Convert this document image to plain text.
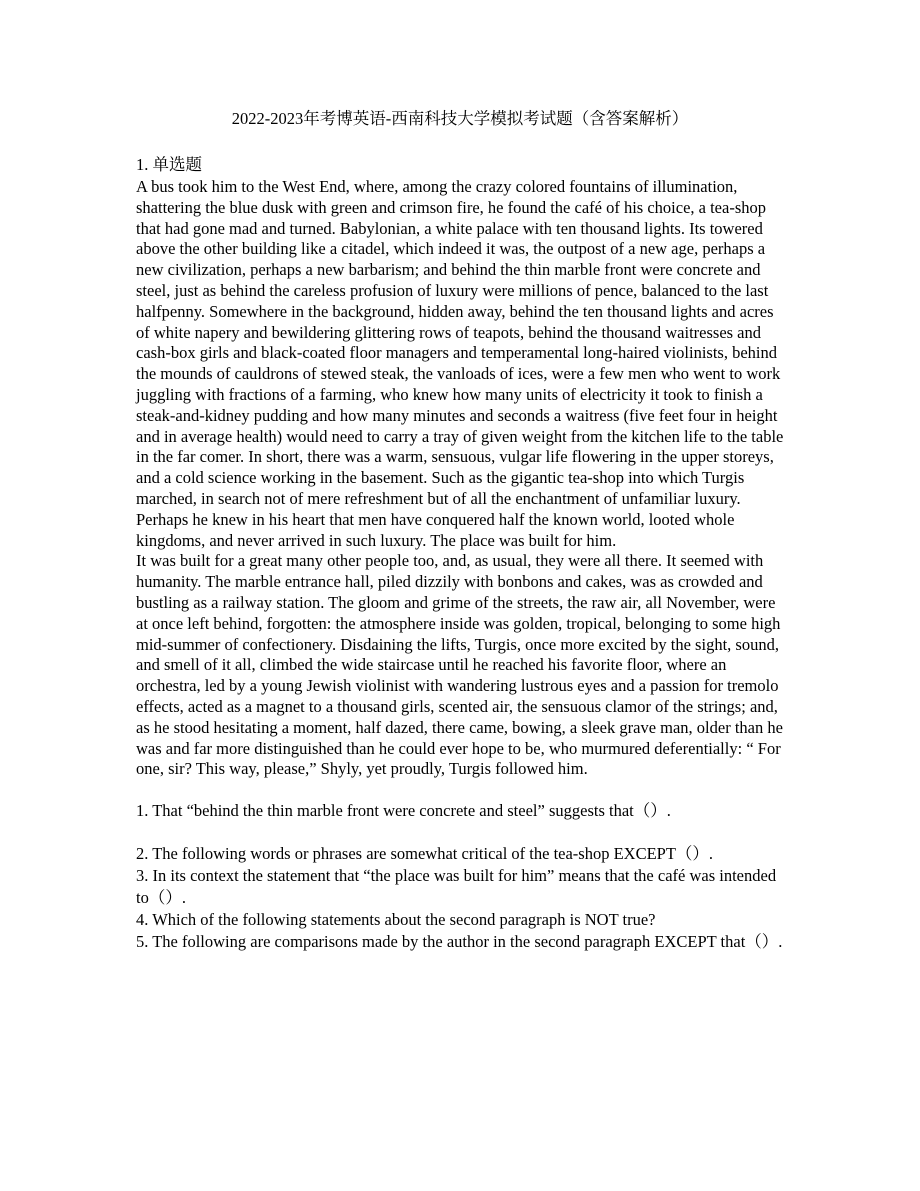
2022-2023年考博英语-西南科技大学模拟考试题（含答案解析）
1. 单选题

A bus took him to the West End, where, among the crazy colored fountains of illumination, shattering the blue dusk with green and crimson fire, he found the café of his choice, a tea-shop that had gone mad and turned. Babylonian, a white palace with ten thousand lights. Its towered above the other building like a citadel, which indeed it was, the outpost of a new age, perhaps a new civilization, perhaps a new barbarism; and behind the thin marble front were concrete and steel, just as behind the careless profusion of luxury were millions of pence, balanced to the last halfpenny. Somewhere in the background, hidden away, behind the ten thousand lights and acres of white napery and bewildering glittering rows of teapots, behind the thousand waitresses and cash-box girls and black-coated floor managers and temperamental long-haired violinists, behind the mounds of cauldrons of stewed steak, the vanloads of ices, were a few men who went to work juggling with fractions of a farming, who knew how many units of electricity it took to finish a steak-and-kidney pudding and how many minutes and seconds a waitress (five feet four in height and in average health) would need to carry a tray of given weight from the kitchen life to the table in the far comer. In short, there was a warm, sensuous, vulgar life flowering in the upper storeys, and a cold science working in the basement. Such as the gigantic tea-shop into which Turgis marched, in search not of mere refreshment but of all the enchantment of unfamiliar luxury. Perhaps he knew in his heart that men have conquered half the known world, looted whole kingdoms, and never arrived in such luxury. The place was built for him.

It was built for a great many other people too, and, as usual, they were all there. It seemed with humanity. The marble entrance hall, piled dizzily with bonbons and cakes, was as crowded and bustling as a railway station. The gloom and grime of the streets, the raw air, all November, were at once left behind, forgotten: the atmosphere inside was golden, tropical, belonging to some high mid-summer of confectionery. Disdaining the lifts, Turgis, once more excited by the sight, sound, and smell of it all, climbed the wide staircase until he reached his favorite floor, where an orchestra, led by a young Jewish violinist with wandering lustrous eyes and a passion for tremolo effects, acted as a magnet to a thousand girls, scented air, the sensuous clamor of the strings; and, as he stood hesitating a moment, half dazed, there came, bowing, a sleek grave man, older than he was and far more distinguished than he could ever hope to be, who murmured deferentially: “ For one, sir? This way, please,” Shyly, yet proudly, Turgis followed him.

1. That “behind the thin marble front were concrete and steel” suggests that（）.

2. The following words or phrases are somewhat critical of the tea-shop EXCEPT（）.

3. In its context the statement that “the place was built for him” means that the café was intended to（）.

4. Which of the following statements about the second paragraph is NOT true?

5. The following are comparisons made by the author in the second paragraph EXCEPT that（）.
